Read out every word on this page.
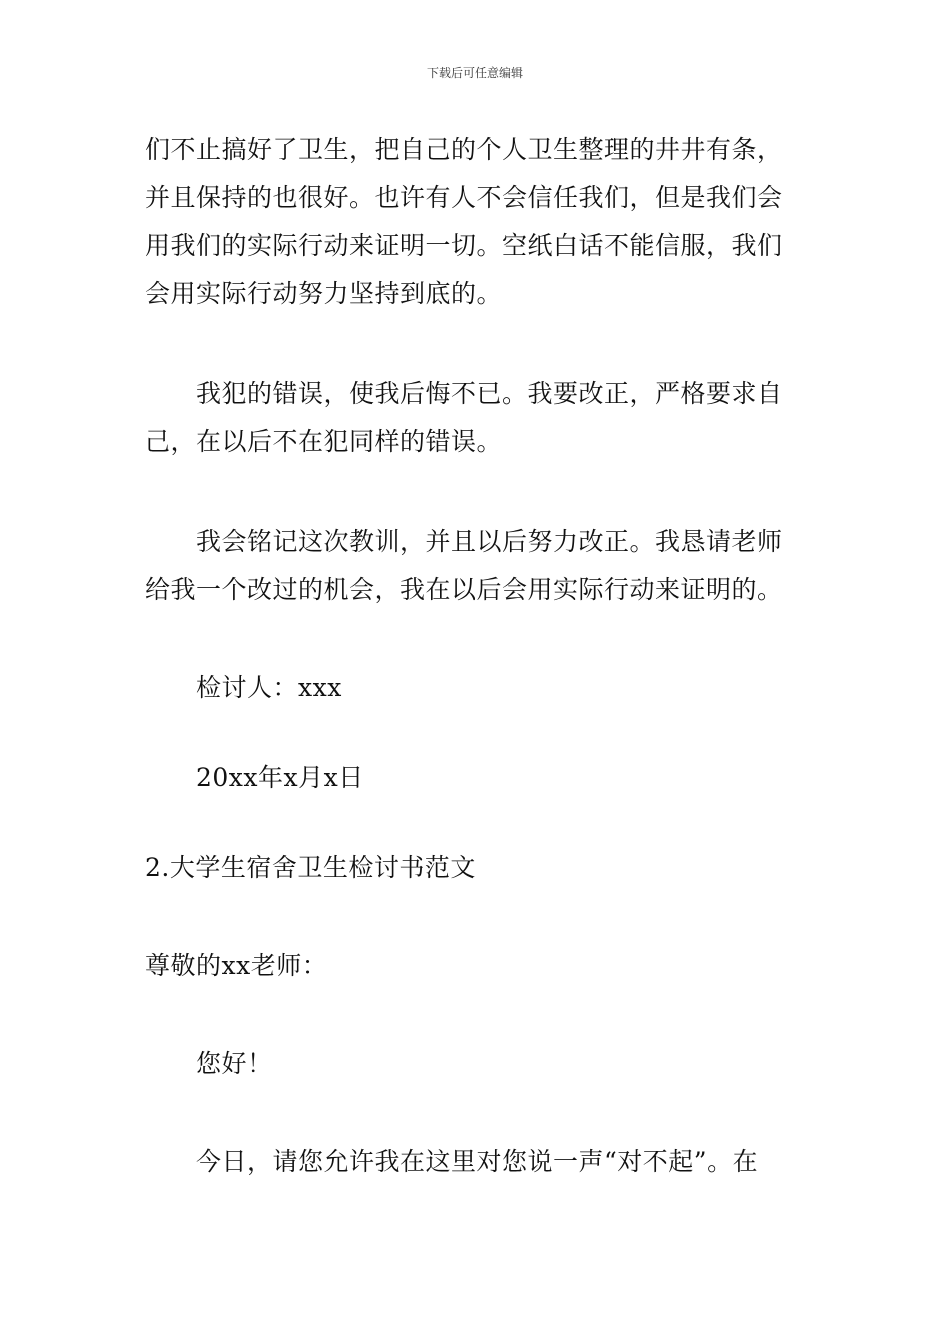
下载后可任意编辑
们不止搞好了卫生，把自己的个人卫生整理的井井有条，
并且保持的也很好。也许有人不会信任我们，但是我们会
用我们的实际行动来证明一切。空纸白话不能信服，我们
会用实际行动努力坚持到底的。
我犯的错误，使我后悔不已。我要改正，严格要求自
己，在以后不在犯同样的错误。
我会铭记这次教训，并且以后努力改正。我恳请老师
给我一个改过的机会，我在以后会用实际行动来证明的。
检讨人：xxx
20xx年x月x日
2.大学生宿舍卫生检讨书范文
尊敬的xx老师：
您好！
今日，请您允许我在这里对您说一声“对不起”。在
